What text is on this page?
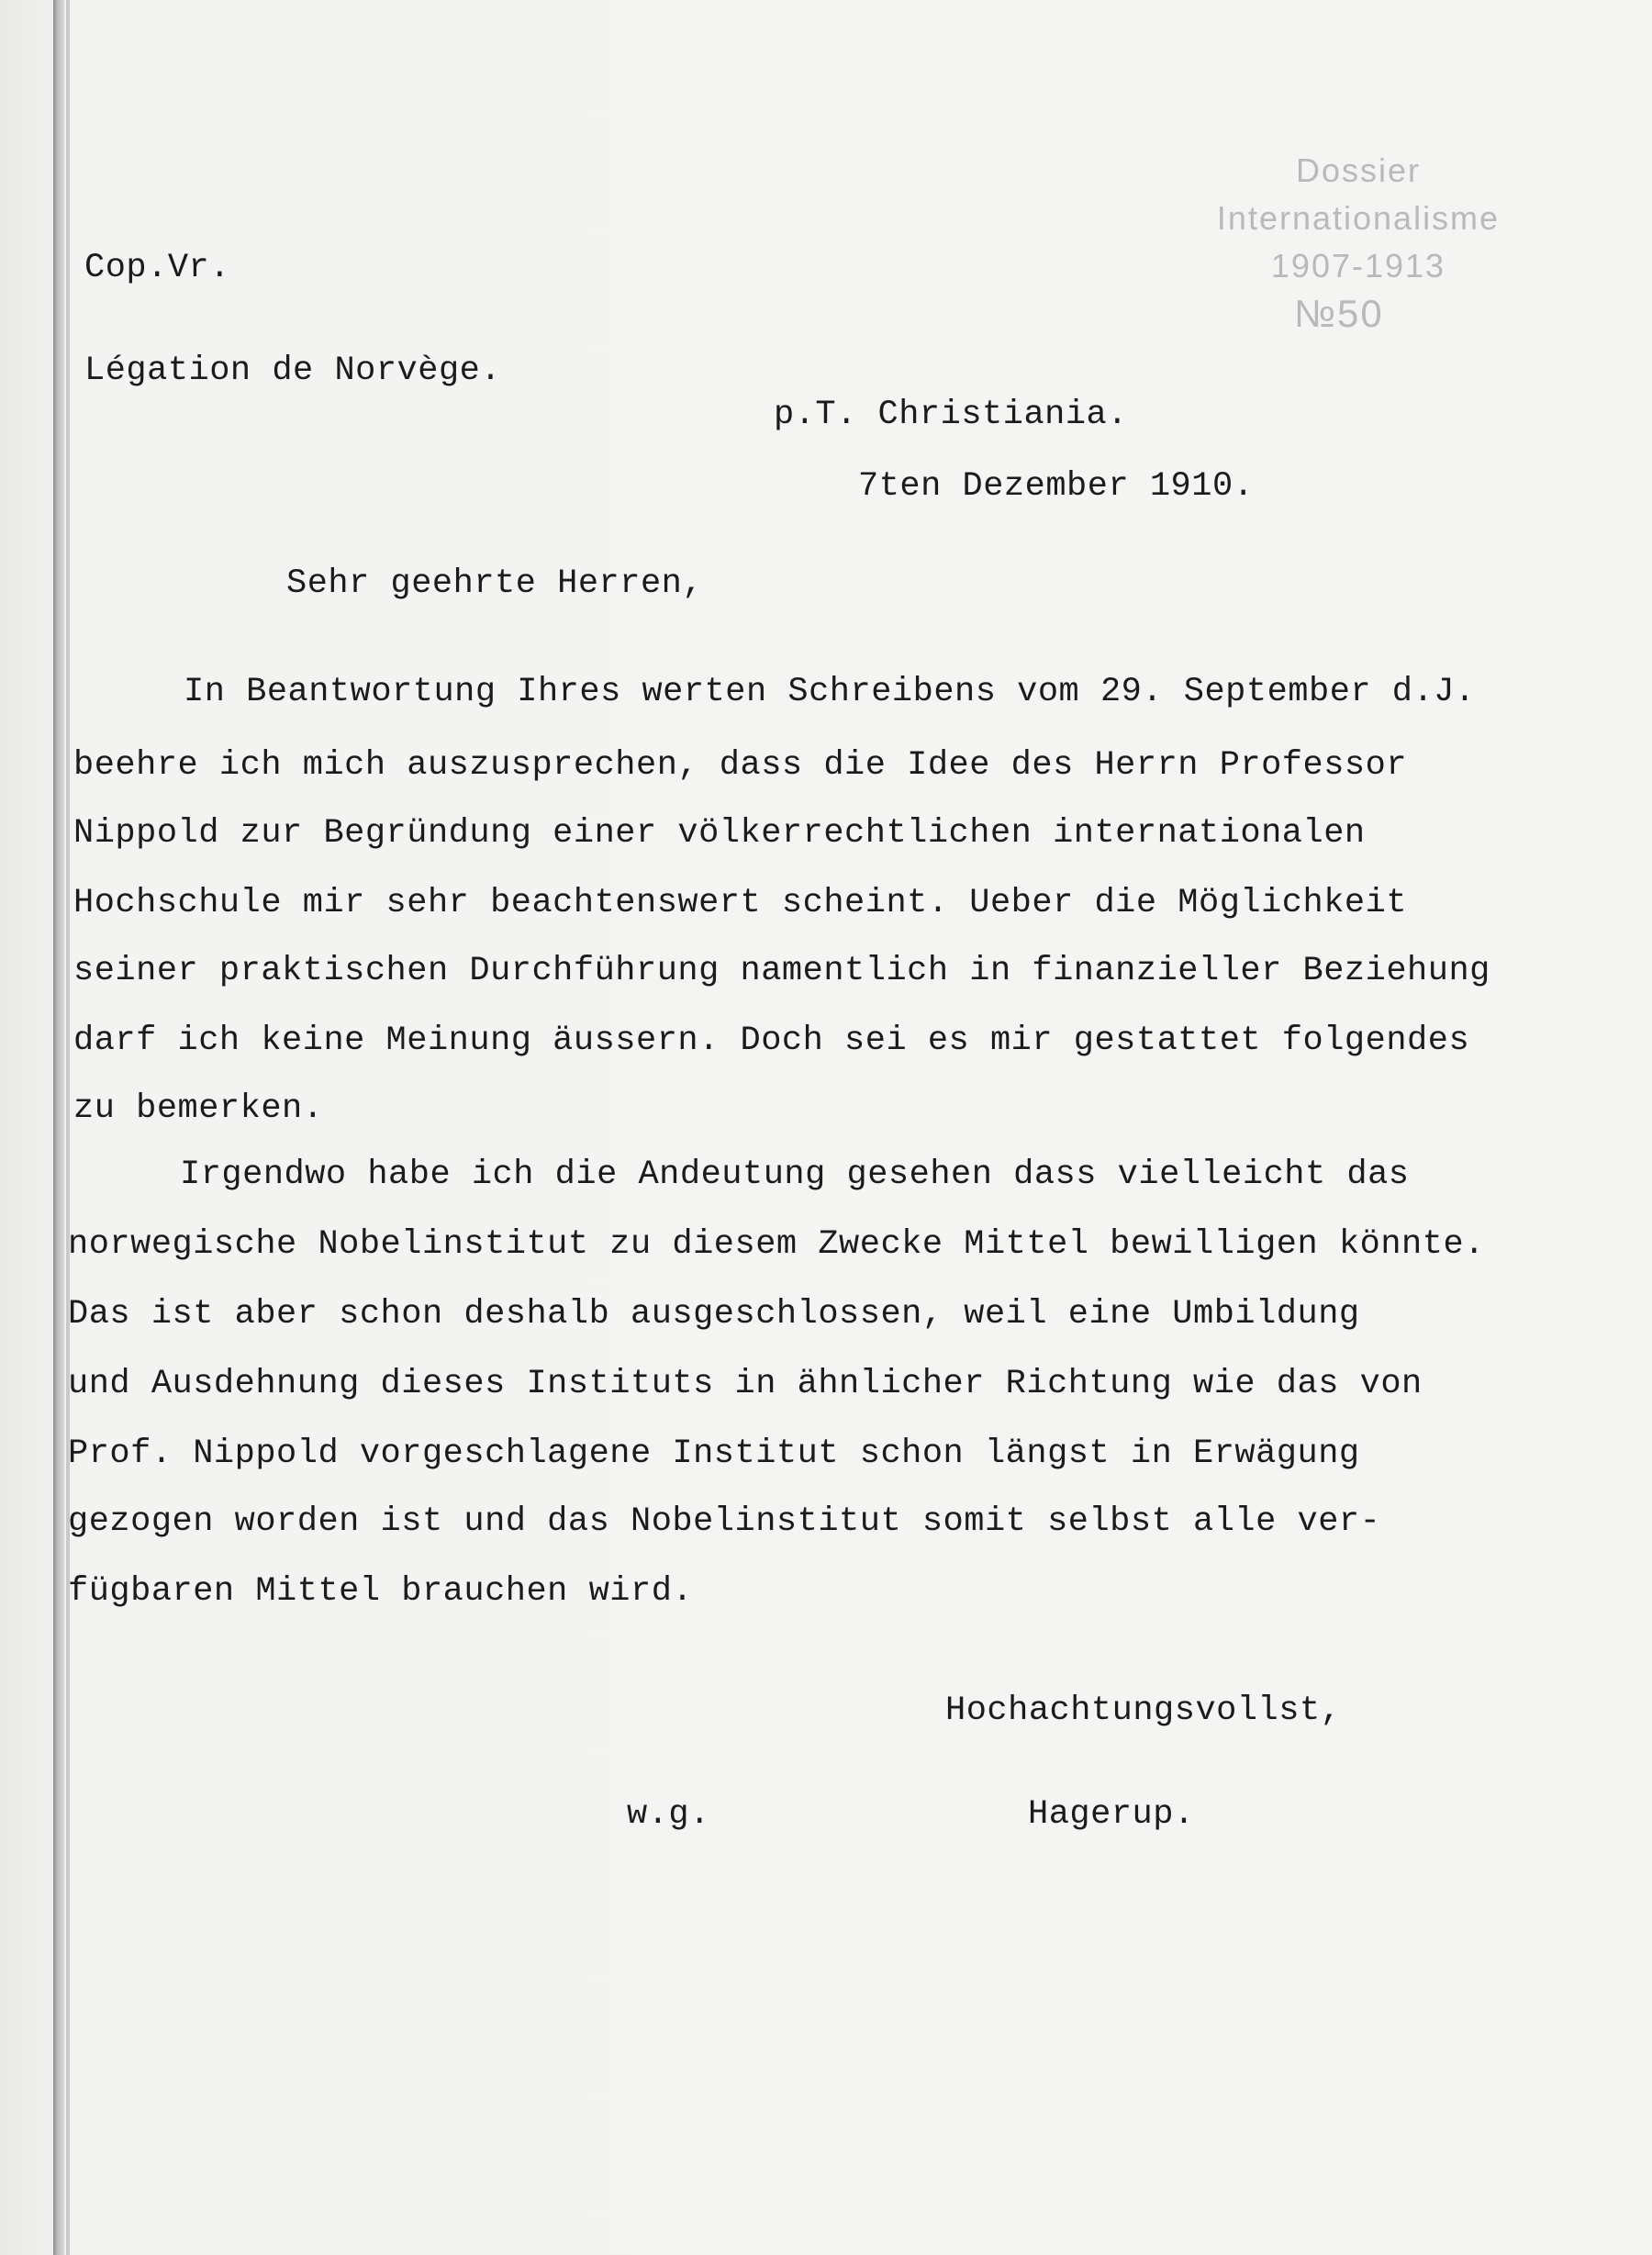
Dossier
Internationalisme
1907-1913
№50
Cop.Vr.
Légation de Norvège.
p.T. Christiania.
7ten Dezember 1910.
Sehr geehrte Herren,
In Beantwortung Ihres werten Schreibens vom 29. September d.J.
beehre ich mich auszusprechen, dass die Idee des Herrn Professor
Nippold zur Begründung einer völkerrechtlichen internationalen
Hochschule mir sehr beachtenswert scheint. Ueber die Möglichkeit
seiner praktischen Durchführung namentlich in finanzieller Beziehung
darf ich keine Meinung äussern. Doch sei es mir gestattet folgendes
zu bemerken.
Irgendwo habe ich die Andeutung gesehen dass vielleicht das
norwegische Nobelinstitut zu diesem Zwecke Mittel bewilligen könnte.
Das ist aber schon deshalb ausgeschlossen, weil eine Umbildung
und Ausdehnung dieses Instituts in ähnlicher Richtung wie das von
Prof. Nippold vorgeschlagene Institut schon längst in Erwägung
gezogen worden ist und das Nobelinstitut somit selbst alle ver-
fügbaren Mittel brauchen wird.
Hochachtungsvollst,
w.g.	Hagerup.
